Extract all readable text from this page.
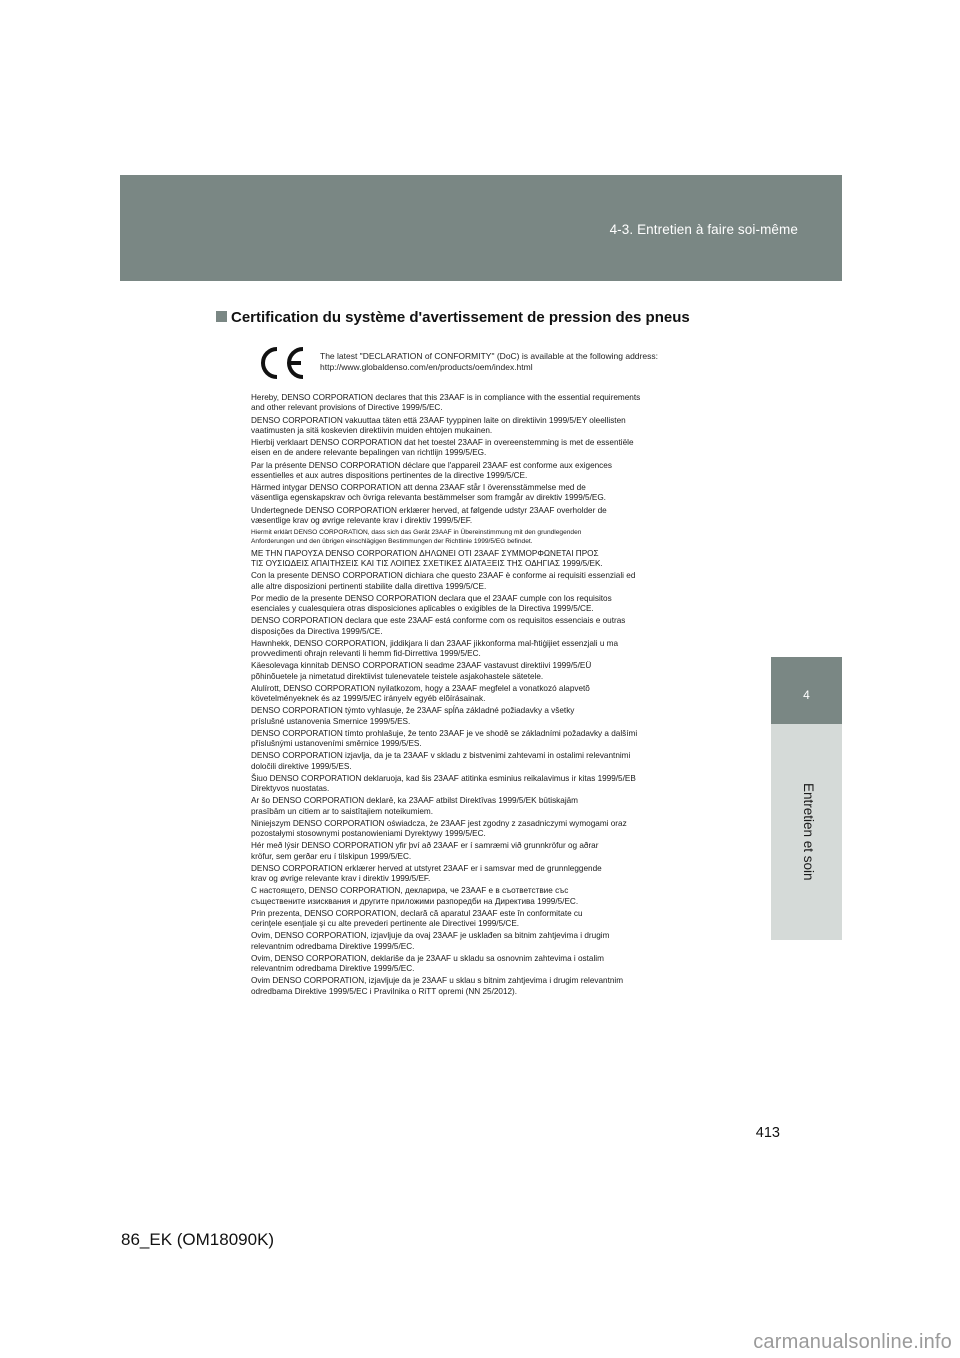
4-3. Entretien à faire soi-même
4
Entretien et soin
Certification du système d'avertissement de pression des pneus
The latest "DECLARATION of CONFORMITY" (DoC) is available at the following address:
http://www.globaldenso.com/en/products/oem/index.html
Hereby, DENSO CORPORATION declares that this 23AAF is in compliance with the essential requirements
and other relevant provisions of Directive 1999/5/EC.
DENSO CORPORATION vakuuttaa täten että 23AAF tyyppinen laite on direktiivin 1999/5/EY oleellisten
vaatimusten ja sitä koskevien direktiivin muiden ehtojen mukainen.
Hierbij verklaart DENSO CORPORATION dat het toestel 23AAF in overeenstemming is met de essentiële
eisen en de andere relevante bepalingen van richtlijn 1999/5/EG.
Par la présente DENSO CORPORATION déclare que l'appareil 23AAF est conforme aux exigences
essentielles et aux autres dispositions pertinentes de la directive 1999/5/CE.
Härmed intygar DENSO CORPORATION att denna 23AAF står I överensstämmelse med de
väsentliga egenskapskrav och övriga relevanta bestämmelser som framgår av direktiv 1999/5/EG.
Undertegnede DENSO CORPORATION erklærer herved, at følgende udstyr 23AAF overholder de
væsentlige krav og øvrige relevante krav i direktiv 1999/5/EF.
Hiermit erklärt DENSO CORPORATION, dass sich das Gerät 23AAF in Übereinstimmung mit den grundlegenden
Anforderungen und den übrigen einschlägigen Bestimmungen der Richtlinie 1999/5/EG befindet.
ΜΕ ΤΗΝ ΠΑΡΟΥΣΑ DENSO CORPORATION ΔΗΛΩΝΕΙ ΟΤΙ 23AAF ΣΥΜΜΟΡΦΩΝΕΤΑΙ ΠΡΟΣ
ΤΙΣ ΟΥΣΙΩΔΕΙΣ ΑΠΑΙΤΗΣΕΙΣ ΚΑΙ ΤΙΣ ΛΟΙΠΕΣ ΣΧΕΤΙΚΕΣ ΔΙΑΤΑΞΕΙΣ ΤΗΣ ΟΔΗΓΙΑΣ 1999/5/ΕΚ.
Con la presente DENSO CORPORATION dichiara che questo 23AAF è conforme ai requisiti essenziali ed
alle altre disposizioni pertinenti stabilite dalla direttiva 1999/5/CE.
Por medio de la presente DENSO CORPORATION declara que el 23AAF cumple con los requisitos
esenciales y cualesquiera otras disposiciones aplicables o exigibles de la Directiva 1999/5/CE.
DENSO CORPORATION declara que este 23AAF está conforme com os requisitos essenciais e outras
disposições da Directiva 1999/5/CE.
Hawnhekk, DENSO CORPORATION, jiddikjara li dan 23AAF jikkonforma mal-ħtiġijiet essenzjali u ma
provvedimenti oħrajn relevanti li hemm fid-Dirrettiva 1999/5/EC.
Käesolevaga kinnitab DENSO CORPORATION seadme 23AAF vastavust direktiivi 1999/5/EÜ
põhinõuetele ja nimetatud direktiivist tulenevatele teistele asjakohastele sätetele.
Alulírott, DENSO CORPORATION nyilatkozom, hogy a 23AAF megfelel a vonatkozó alapvetõ
követelményeknek és az 1999/5/EC irányelv egyéb elõírásainak.
DENSO CORPORATION týmto vyhlasuje, že 23AAF spĺňa základné požiadavky a všetky
príslušné ustanovenia Smernice 1999/5/ES.
DENSO CORPORATION tímto prohlašuje, že tento 23AAF je ve shodě se základními požadavky a dalšími
příslušnými ustanoveními směrnice 1999/5/ES.
DENSO CORPORATION izjavlja, da je ta 23AAF v skladu z bistvenimi zahtevami in ostalimi relevantnimi
določili direktive 1999/5/ES.
Šiuo DENSO CORPORATION deklaruoja, kad šis 23AAF atitinka esminius reikalavimus ir kitas 1999/5/EB
Direktyvos nuostatas.
Ar šo DENSO CORPORATION deklarē, ka 23AAF atbilst Direktīvas 1999/5/EK būtiskajām
prasībām un citiem ar to saistītajiem noteikumiem.
Niniejszym DENSO CORPORATION oświadcza, że 23AAF jest zgodny z zasadniczymi wymogami oraz
pozostałymi stosownymi postanowieniami Dyrektywy 1999/5/EC.
Hér með lýsir DENSO CORPORATION yfir því að 23AAF er í samræmi við grunnkröfur og aðrar
kröfur, sem gerðar eru í tilskipun 1999/5/EC.
DENSO CORPORATION erklærer herved at utstyret 23AAF er i samsvar med de grunnleggende
krav og øvrige relevante krav i direktiv 1999/5/EF.
С настоящето, DENSO CORPORATION, декларира, че 23AAF е в съответствие със
съществените изисквания и другите приложими разпоредби на Директива 1999/5/ЕС.
Prin prezenta, DENSO CORPORATION, declară că aparatul 23AAF este în conformitate cu
cerinţele esenţiale şi cu alte prevederi pertinente ale Directivei 1999/5/CE.
Ovim, DENSO CORPORATION, izjavljuje da ovaj 23AAF je usklađen sa bitnim zahtjevima i drugim
relevantnim odredbama Direktive 1999/5/EC.
Ovim, DENSO CORPORATION, deklariše da je 23AAF u skladu sa osnovnim zahtevima i ostalim
relevantnim odredbama Direktive 1999/5/EC.
Ovim DENSO CORPORATION, izjavljuje da je 23AAF u sklau s bitnim zahtjevima i drugim relevantnim
odredbama Direktive 1999/5/EC i Pravilnika o RiTT opremi (NN 25/2012).
413
86_EK (OM18090K)
carmanualsonline.info
